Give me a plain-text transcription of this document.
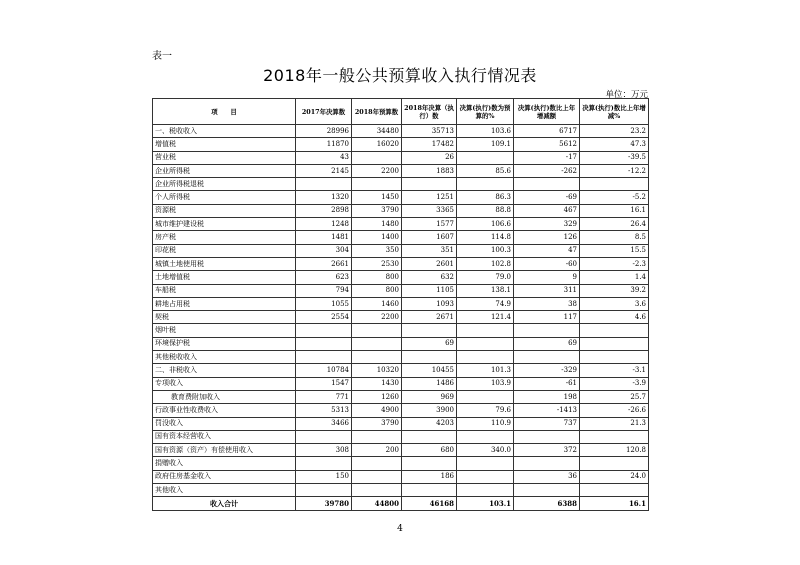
表一
2018年一般公共预算收入执行情况表
单位：万元
项　　目	2017年决算数	2018年预算数	2018年决算（执行）数	决算(执行)数为预算的%	决算(执行)数比上年增减额	决算(执行)数比上年增减%
一、税收收入	28996	34480	35713	103.6	6717	23.2
增值税	11870	16020	17482	109.1	5612	47.3
营业税	43		26		-17	-39.5
企业所得税	2145	2200	1883	85.6	-262	-12.2
企业所得税退税						
个人所得税	1320	1450	1251	86.3	-69	-5.2
资源税	2898	3790	3365	88.8	467	16.1
城市维护建设税	1248	1480	1577	106.6	329	26.4
房产税	1481	1400	1607	114.8	126	8.5
印花税	304	350	351	100.3	47	15.5
城镇土地使用税	2661	2530	2601	102.8	-60	-2.3
土地增值税	623	800	632	79.0	9	1.4
车船税	794	800	1105	138.1	311	39.2
耕地占用税	1055	1460	1093	74.9	38	3.6
契税	2554	2200	2671	121.4	117	4.6
烟叶税						
环境保护税			69		69	
其他税收收入						
二、非税收入	10784	10320	10455	101.3	-329	-3.1
专项收入	1547	1430	1486	103.9	-61	-3.9
教育费附加收入	771	1260	969		198	25.7
行政事业性收费收入	5313	4900	3900	79.6	-1413	-26.6
罚没收入	3466	3790	4203	110.9	737	21.3
国有资本经营收入						
国有资源（资产）有偿使用收入	308	200	680	340.0	372	120.8
捐赠收入						
政府住房基金收入	150		186		36	24.0
其他收入						
收入合计	39780	44800	46168	103.1	6388	16.1
4
